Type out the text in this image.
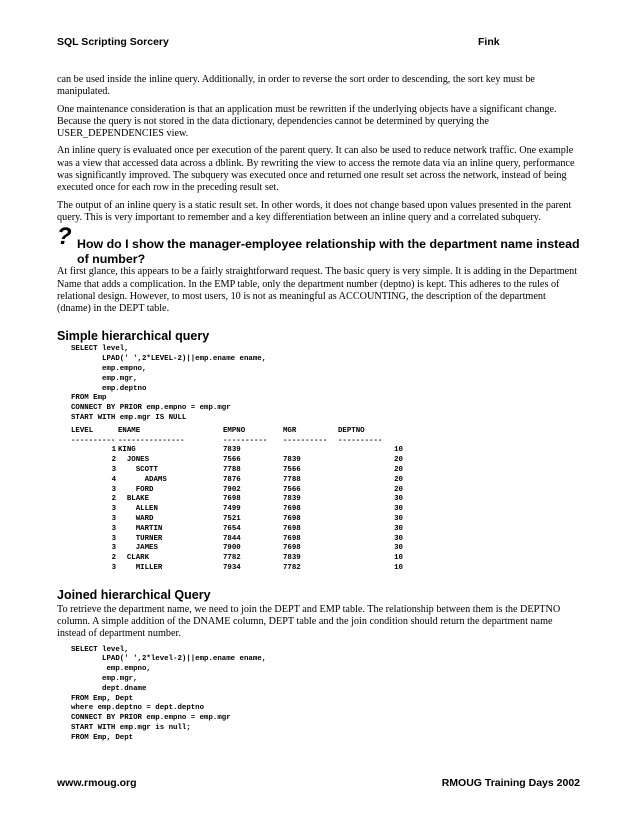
SQL Scripting Sorcery	Fink

can be used inside the inline query. Additionally, in order to reverse the sort order to descending, the sort key must be manipulated.

One maintenance consideration is that an application must be rewritten if the underlying objects have a significant change. Because the query is not stored in the data dictionary, dependencies cannot be determined by querying the USER_DEPENDENCIES view.

An inline query is evaluated once per execution of the parent query. It can also be used to reduce network traffic. One example was a view that accessed data across a dblink. By rewriting the view to access the remote data via an inline query, performance was significantly improved. The subquery was executed once and returned one result set across the network, instead of being executed once for each row in the preceding result set.

The output of an inline query is a static result set. In other words, it does not change based upon values presented in the parent query. This is very important to remember and a key differentiation between an inline query and a correlated subquery.

? How do I show the manager-employee relationship with the department name instead of number?

At first glance, this appears to be a fairly straightforward request. The basic query is very simple. It is adding in the Department Name that adds a complication. In the EMP table, only the department number (deptno) is kept. This adheres to the rules of relational design. However, to most users, 10 is not as meaningful as ACCOUNTING, the description of the department (dname) in the DEPT table.

Simple hierarchical query
SELECT level,
LPAD(' ',2*LEVEL-2)||emp.ename ename,
emp.empno,
emp.mgr,
emp.deptno
FROM Emp
CONNECT BY PRIOR emp.empno = emp.mgr
START WITH emp.mgr IS NULL
LEVEL	ENAME	EMPNO	MGR	DEPTNO
----------	---------------	----------	----------	----------
1	KING	7839		10
2	JONES	7566	7839	20
3	SCOTT	7788	7566	20
4	ADAMS	7876	7788	20
3	FORD	7902	7566	20
2	BLAKE	7698	7839	30
3	ALLEN	7499	7698	30
3	WARD	7521	7698	30
3	MARTIN	7654	7698	30
3	TURNER	7844	7698	30
3	JAMES	7900	7698	30
2	CLARK	7782	7839	10
3	MILLER	7934	7782	10
Joined hierarchical Query

To retrieve the department name, we need to join the DEPT and EMP table. The relationship between them is the DEPTNO column. A simple addition of the DNAME column, DEPT table and the join condition should return the department name instead of department number.

SELECT level,
LPAD(' ',2*level-2)||emp.ename ename,
emp.empno,
emp.mgr,
dept.dname
FROM Emp, Dept
where emp.deptno = dept.deptno
CONNECT BY PRIOR emp.empno = emp.mgr
START WITH emp.mgr is null;
FROM Emp, Dept
www.rmoug.org	RMOUG Training Days 2002
